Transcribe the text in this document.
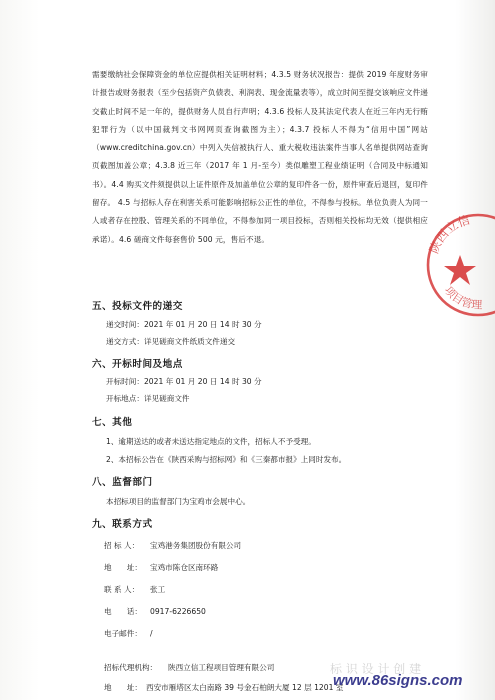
需要缴纳社会保障资金的单位应提供相关证明材料；4.3.5 财务状况报告：提供 2019 年度财务审计报告或财务报表（至少包括资产负债表、利润表、现金流量表等），成立时间至提交该响应文件递交截止时间不足一年的，提供财务人员自行声明；4.3.6 投标人及其法定代表人在近三年内无行贿犯罪行为（以中国裁判文书网网页查询截图为主）；4.3.7 投标人不得为“信用中国”网站（www.creditchina.gov.cn）中列入失信被执行人、重大税收违法案件当事人名单提供网站查询页截图加盖公章；4.3.8 近三年（2017 年 1 月-至今）类似雕塑工程业绩证明（合同及中标通知书）。4.4 购买文件须提供以上证件原件及加盖单位公章的复印件各一份，原件审查后退回，复印件留存。 4.5 与招标人存在利害关系可能影响招标公正性的单位，不得参与投标。单位负责人为同一人或者存在控股、管理关系的不同单位，不得参加同一项目投标，否则相关投标均无效（提供相应承诺）。4.6 磋商文件每套售价 500 元，售后不退。
五、投标文件的递交
递交时间：2021 年 01 月 20 日 14 时 30 分
递交方式：详见磋商文件纸质文件递交
六、开标时间及地点
开标时间：2021 年 01 月 20 日 14 时 30 分
开标地点：详见磋商文件
七、其他
1、逾期送达的或者未送达指定地点的文件，招标人不予受理。
2、本招标公告在《陕西采购与招标网》和《三秦都市报》上同时发布。
八、监督部门
本招标项目的监督部门为宝鸡市会展中心。
九、联系方式
招 标 人： 宝鸡港务集团股份有限公司
地　　址： 宝鸡市陈仓区南环路
联 系 人： 张工
电　　话： 0917-6226650
电子邮件： /
招标代理机构： 陕西立信工程项目管理有限公司
地　　址： 西安市雁塔区太白南路 39 号金石柏朗大厦 12 层 1201 室
陕西立信
项目管理
标 识 设 计 创 建
www.86signs.com
